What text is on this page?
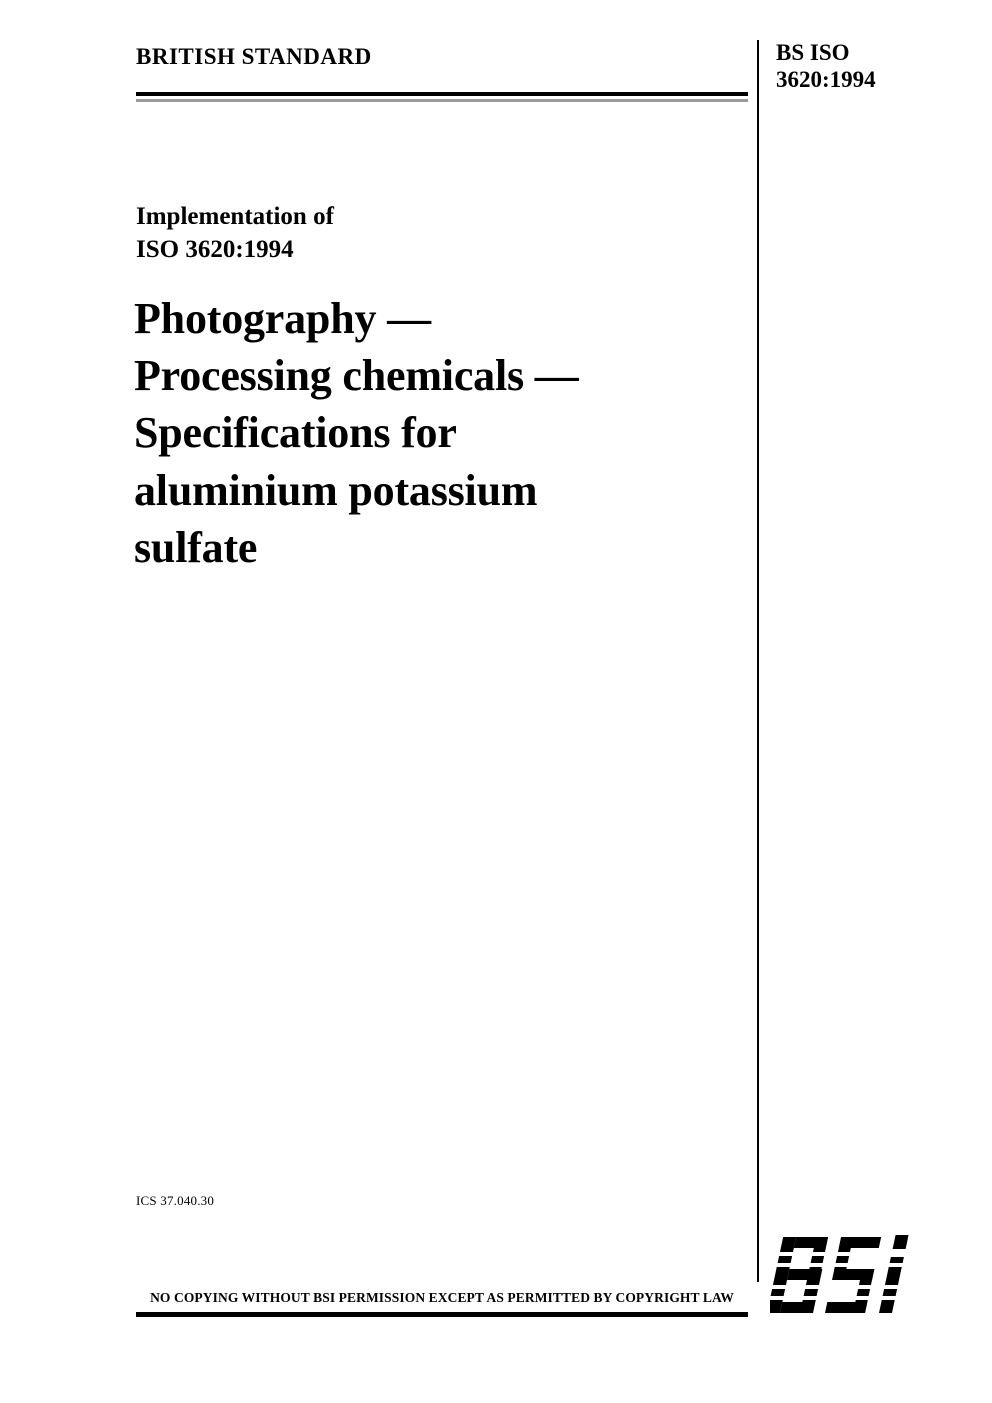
BRITISH STANDARD	BS ISO
3620:1994
Implementation of
ISO 3620:1994
Photography —
Processing chemicals —
Specifications for
aluminium potassium
sulfate
ICS 37.040.30
NO COPYING WITHOUT BSI PERMISSION EXCEPT AS PERMITTED BY COPYRIGHT LAW
